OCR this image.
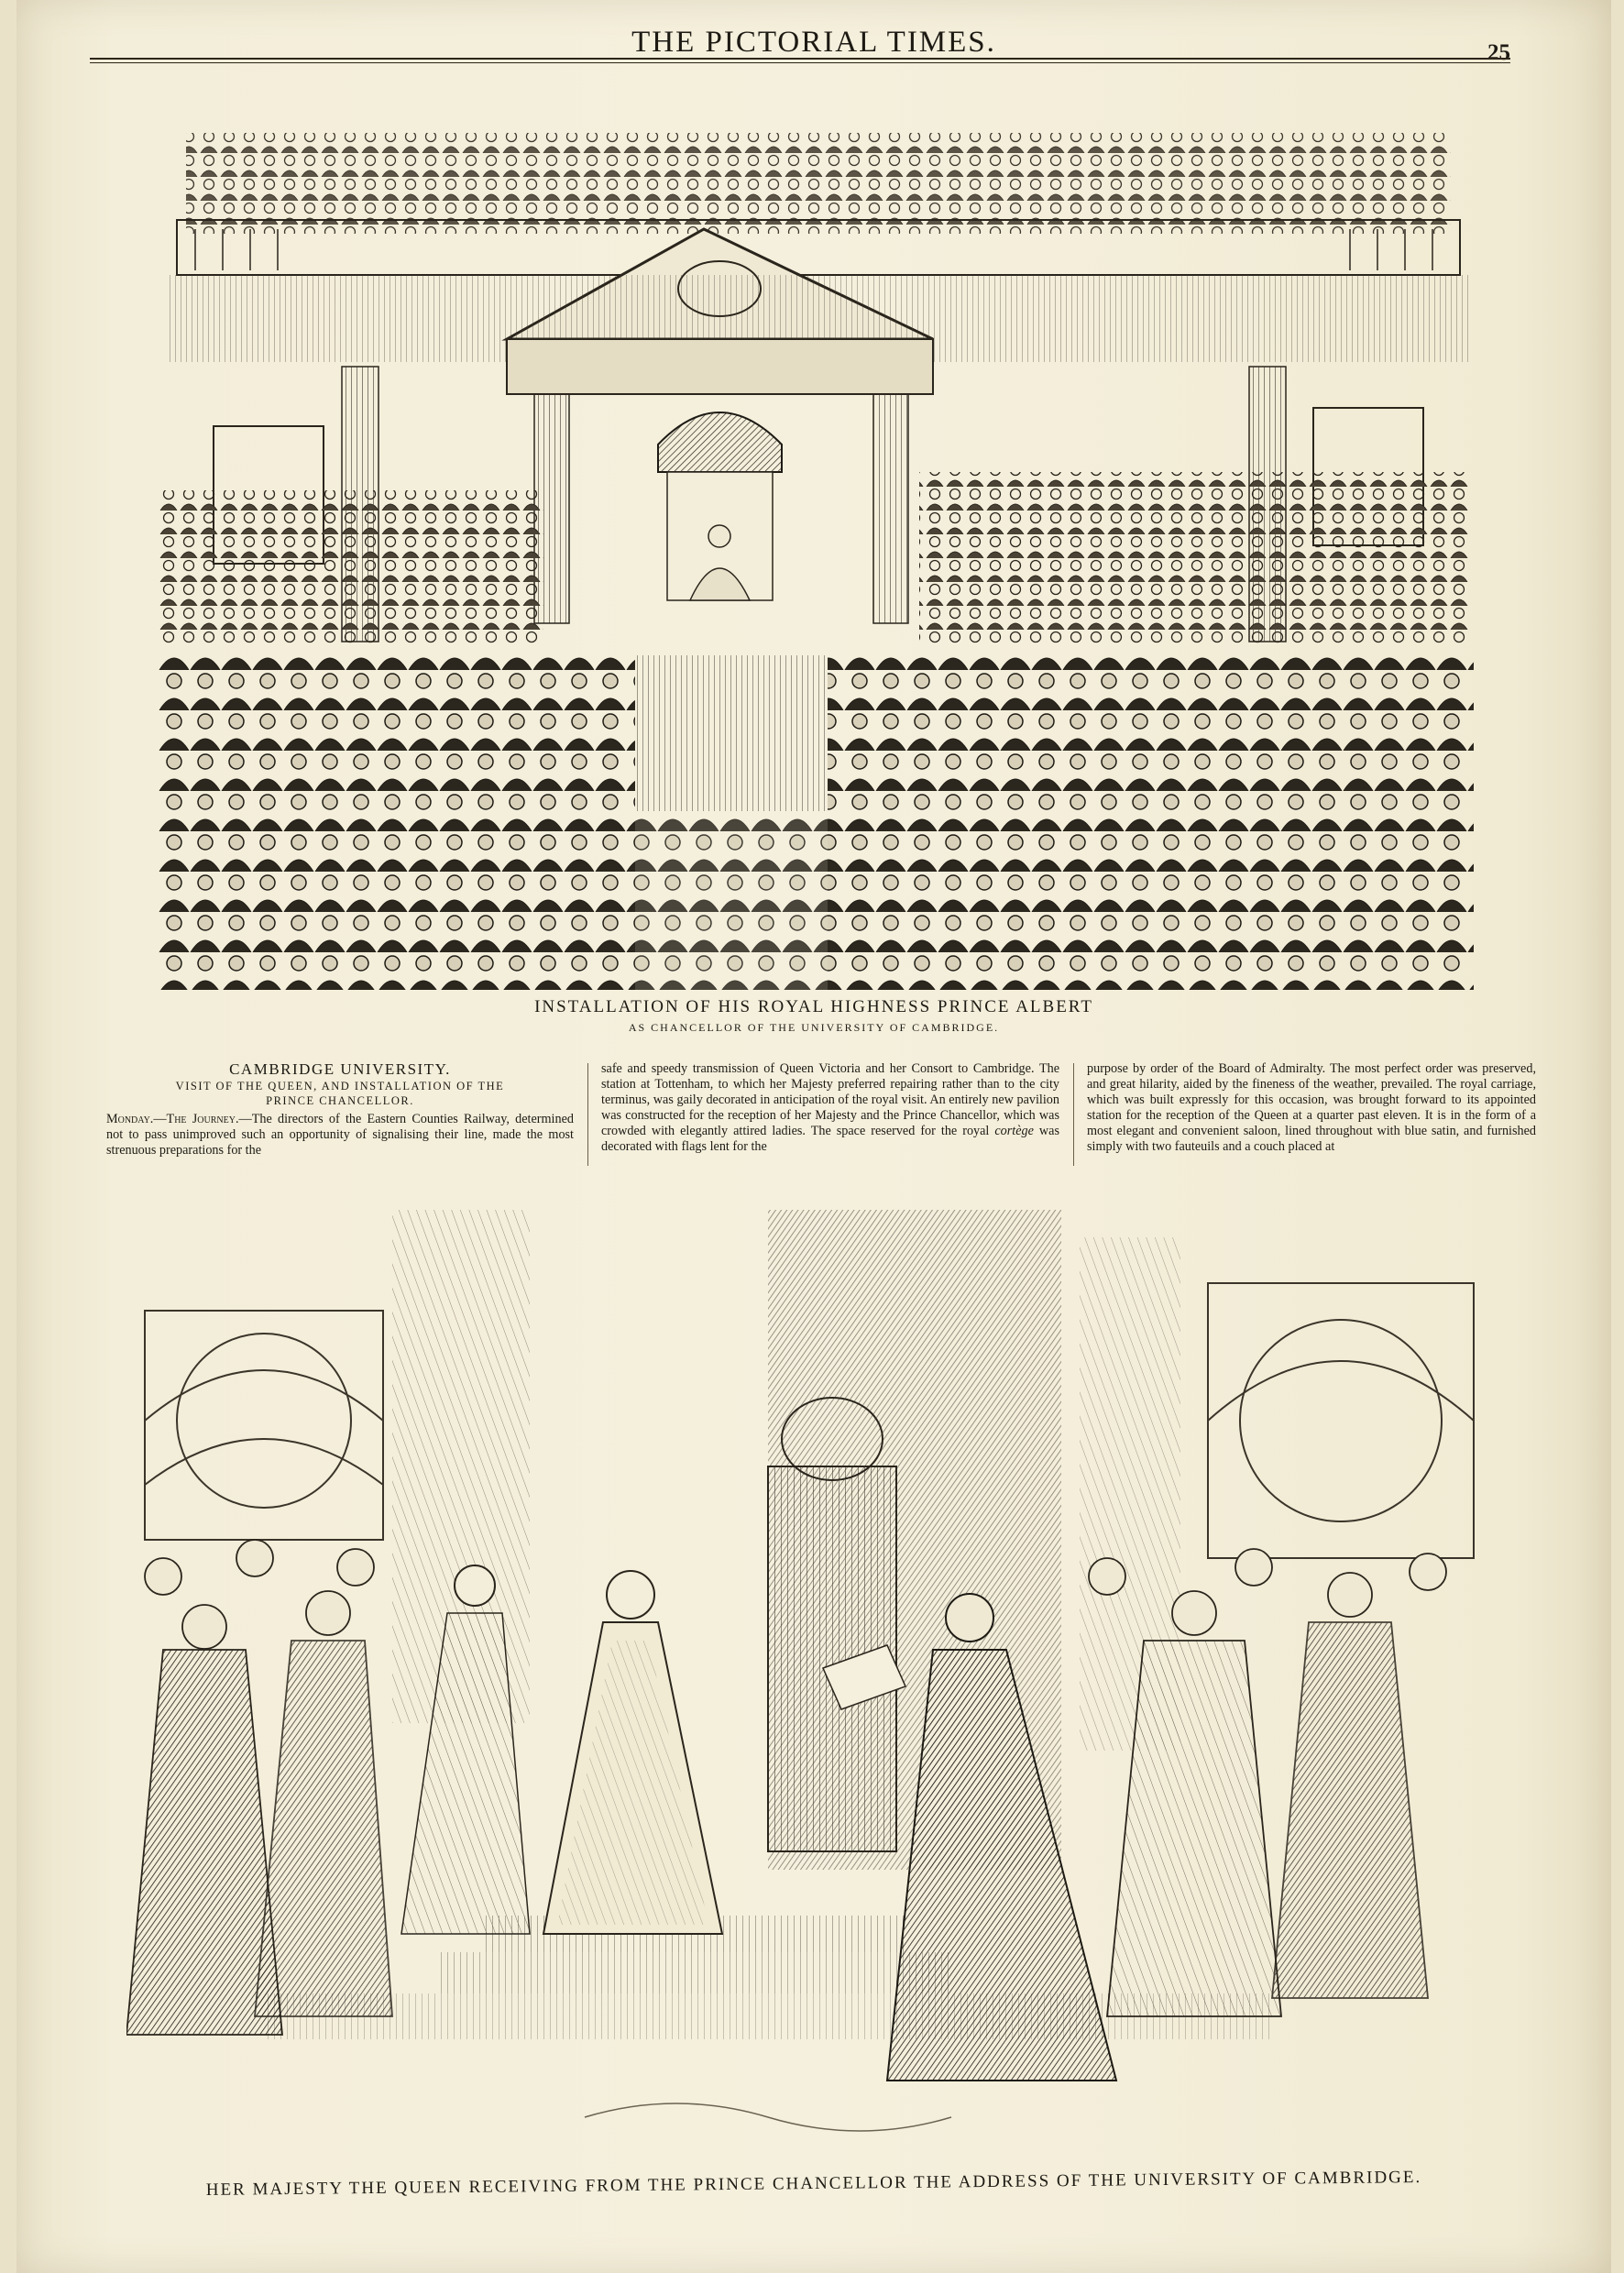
THE PICTORIAL TIMES.	25
INSTALLATION OF HIS ROYAL HIGHNESS PRINCE ALBERT
AS CHANCELLOR OF THE UNIVERSITY OF CAMBRIDGE.
CAMBRIDGE UNIVERSITY.
VISIT OF THE QUEEN, AND INSTALLATION OF THE
PRINCE CHANCELLOR.

Monday.—The Journey.—The directors of the Eastern Counties Railway, determined not to pass unimproved such an opportunity of signalising their line, made the most strenuous preparations for the

safe and speedy transmission of Queen Victoria and her Consort to Cambridge. The station at Tottenham, to which her Majesty preferred repairing rather than to the city terminus, was gaily decorated in anticipation of the royal visit. An entirely new pavilion was constructed for the reception of her Majesty and the Prince Chancellor, which was crowded with elegantly attired ladies. The space reserved for the royal cortège was decorated with flags lent for the

purpose by order of the Board of Admiralty. The most perfect order was preserved, and great hilarity, aided by the fineness of the weather, prevailed. The royal carriage, which was built expressly for this occasion, was brought forward to its appointed station for the reception of the Queen at a quarter past eleven. It is in the form of a most elegant and convenient saloon, lined throughout with blue satin, and furnished simply with two fauteuils and a couch placed at

HER MAJESTY THE QUEEN RECEIVING FROM THE PRINCE CHANCELLOR THE ADDRESS OF THE UNIVERSITY OF CAMBRIDGE.
